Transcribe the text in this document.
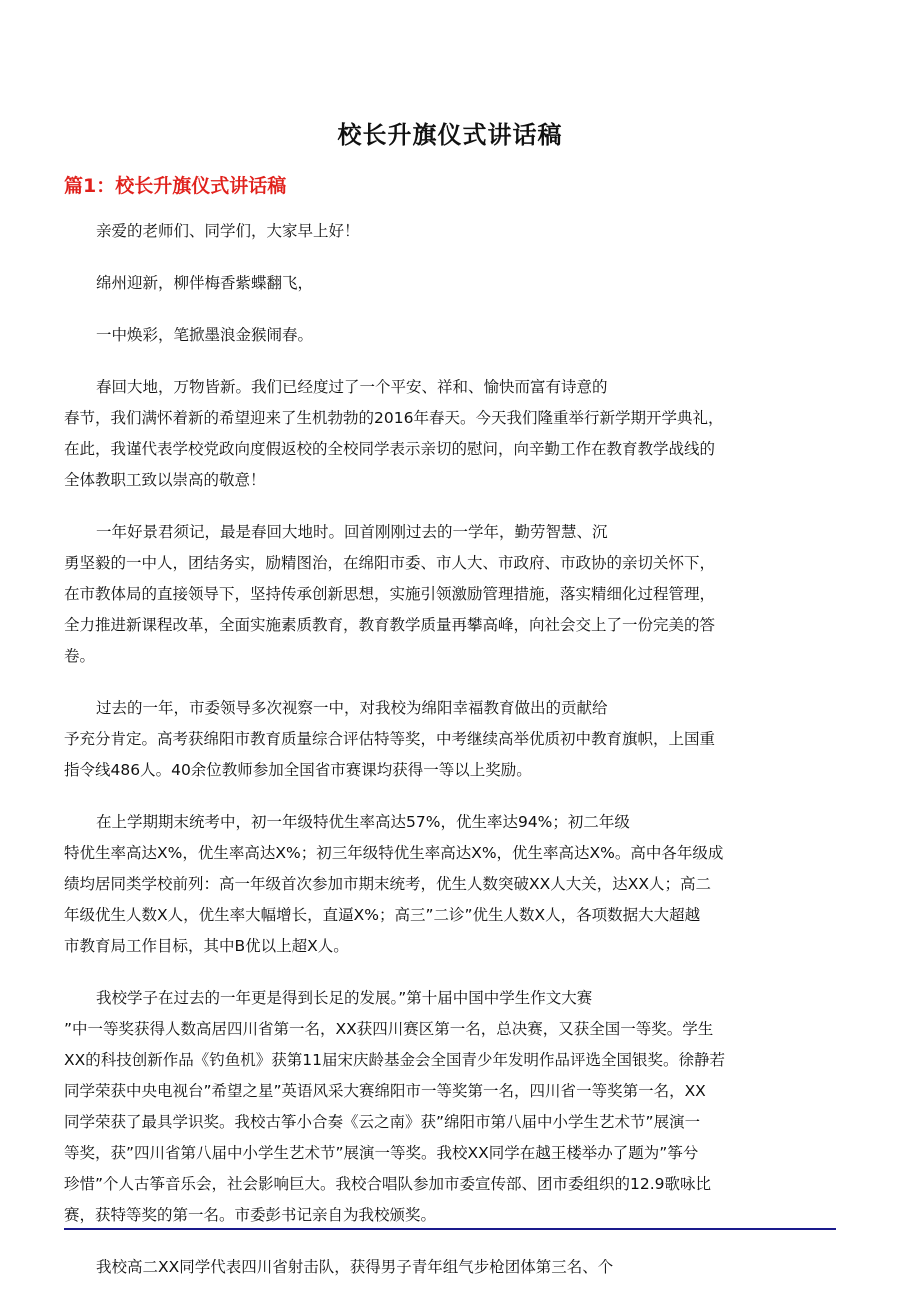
校长升旗仪式讲话稿
篇1：校长升旗仪式讲话稿

亲爱的老师们、同学们，大家早上好！

绵州迎新，柳伴梅香紫蝶翻飞，

一中焕彩，笔掀墨浪金猴闹春。

春回大地，万物皆新。我们已经度过了一个平安、祥和、愉快而富有诗意的
春节，我们满怀着新的希望迎来了生机勃勃的2016年春天。今天我们隆重举行新学期开学典礼，
在此，我谨代表学校党政向度假返校的全校同学表示亲切的慰问，向辛勤工作在教育教学战线的
全体教职工致以崇高的敬意！

一年好景君须记，最是春回大地时。回首刚刚过去的一学年，勤劳智慧、沉
勇坚毅的一中人，团结务实，励精图治，在绵阳市委、市人大、市政府、市政协的亲切关怀下，
在市教体局的直接领导下，坚持传承创新思想，实施引领激励管理措施，落实精细化过程管理，
全力推进新课程改革，全面实施素质教育，教育教学质量再攀高峰，向社会交上了一份完美的答
卷。

过去的一年，市委领导多次视察一中，对我校为绵阳幸福教育做出的贡献给
予充分肯定。高考获绵阳市教育质量综合评估特等奖，中考继续高举优质初中教育旗帜，上国重
指令线486人。40余位教师参加全国省市赛课均获得一等以上奖励。

在上学期期末统考中，初一年级特优生率高达57%，优生率达94%；初二年级
特优生率高达X%，优生率高达X%；初三年级特优生率高达X%，优生率高达X%。高中各年级成
绩均居同类学校前列：高一年级首次参加市期末统考，优生人数突破XX人大关，达XX人；高二
年级优生人数X人，优生率大幅增长，直逼X%；高三”二诊”优生人数X人，各项数据大大超越
市教育局工作目标，其中B优以上超X人。

我校学子在过去的一年更是得到长足的发展。”第十届中国中学生作文大赛
”中一等奖获得人数高居四川省第一名，XX获四川赛区第一名，总决赛，又获全国一等奖。学生
XX的科技创新作品《钓鱼机》获第11届宋庆龄基金会全国青少年发明作品评选全国银奖。徐静若
同学荣获中央电视台”希望之星”英语风采大赛绵阳市一等奖第一名，四川省一等奖第一名，XX
同学荣获了最具学识奖。我校古筝小合奏《云之南》获”绵阳市第八届中小学生艺术节”展演一
等奖，获”四川省第八届中小学生艺术节”展演一等奖。我校XX同学在越王楼举办了题为”筝兮
珍惜”个人古筝音乐会，社会影响巨大。我校合唱队参加市委宣传部、团市委组织的12.9歌咏比
赛，获特等奖的第一名。市委彭书记亲自为我校颁奖。

我校高二XX同学代表四川省射击队，获得男子青年组气步枪团体第三名、个
